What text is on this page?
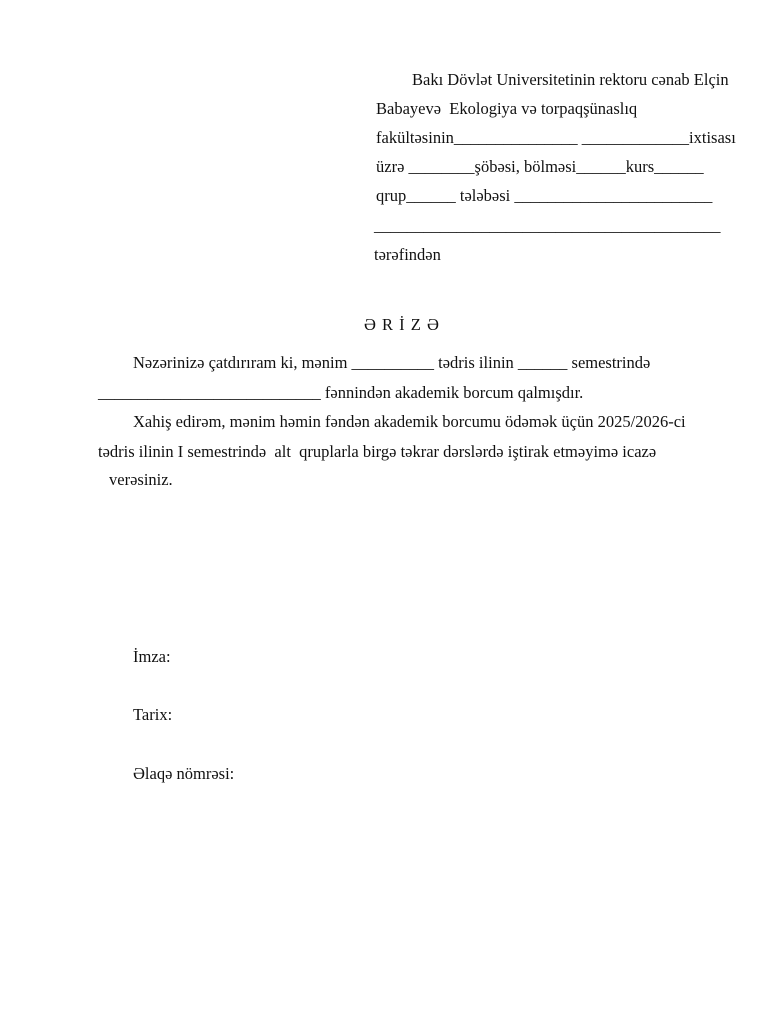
Bakı Dövlət Universitetinin rektoru cənab Elçin
Babayevə  Ekologiya və torpaqşünaslıq
fakültəsinin_______________ _____________ixtisası
üzrə ________şöbəsi, bölməsi______kurs______
qrup______ tələbəsi ________________________
__________________________________________
tərəfindən
Ə R İ Z Ə
Nəzərinizə çatdırıram ki, mənim __________ tədris ilinin ______ semestrində
___________________________ fənnindən akademik borcum qalmışdır.
Xahiş edirəm, mənim həmin fəndən akademik borcumu ödəmək üçün 2025/2026-ci
tədris ilinin I semestrində  alt  qruplarla birgə təkrar dərslərdə iştirak etməyimə icazə
verəsiniz.
İmza:
Tarix:
Əlaqə nömrəsi:
